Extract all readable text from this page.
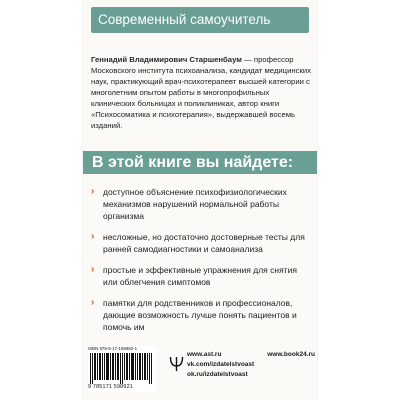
Современный самоучитель
Геннадий Владимирович Старшенбаум — профессор Московского института психоанализа, кандидат медицинских наук, практикующий врач-психотерапевт высшей категории с многолетним опытом работы в многопрофильных клинических больницах и поликлиниках, автор книги «Психосоматика и психотерапия», выдержавшей восемь изданий.
В этой книге вы найдете:
› доступное объяснение психофизиологических механизмов нарушений нормальной работы организма
› несложные, но достаточно достоверные тесты для ранней самодиагностики и самоанализа
› простые и эффективные упражнения для снятия или облегчения симптомов
› памятки для родственников и профессионалов, дающие возможность лучше понять пациентов и помочь им
ISBN 978-5-17-159892-1
9 785171 598921
www.ast.ru	www.book24.ru
vk.com/izdatelstvoast
ok.ru/izdatelstvoast
